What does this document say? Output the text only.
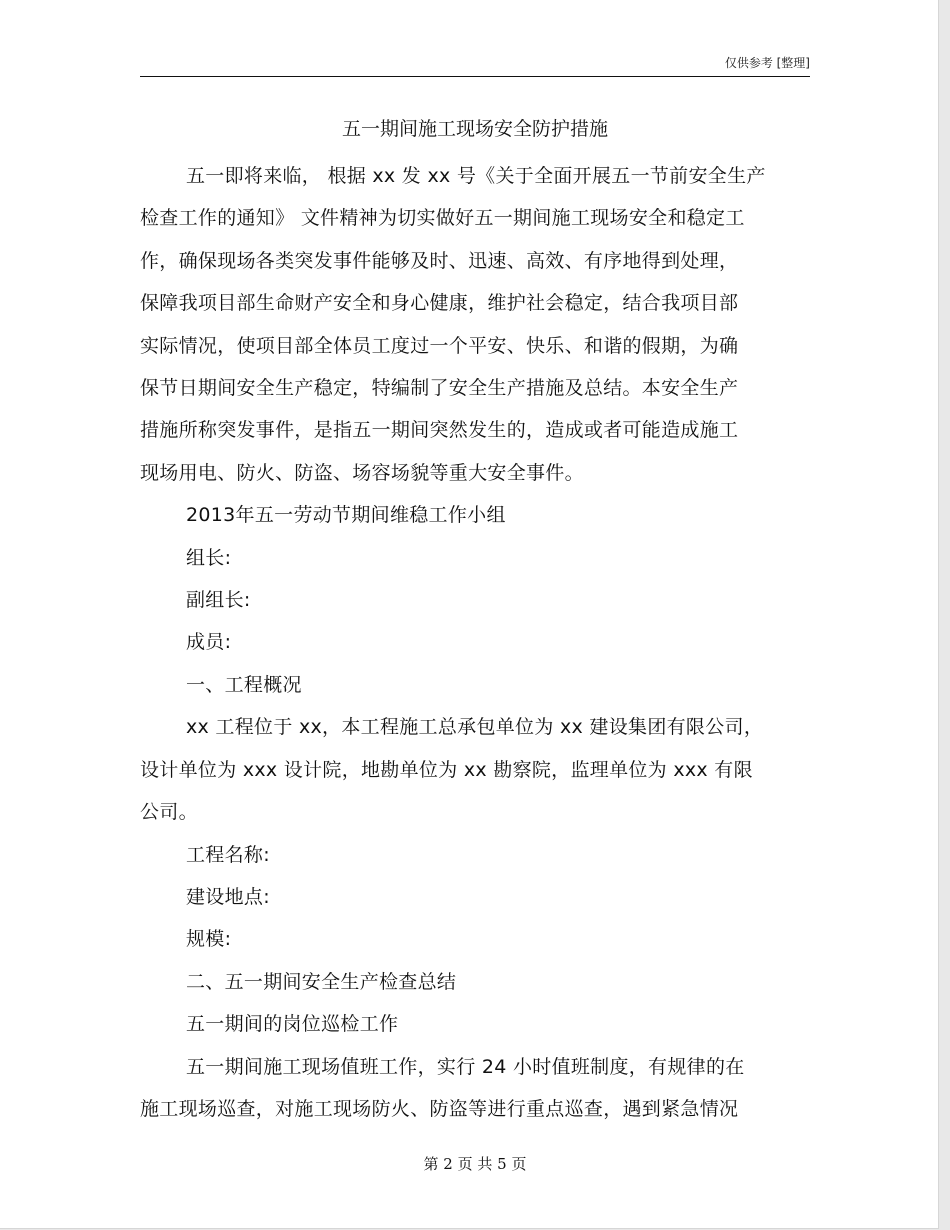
仅供参考 [整理]
五一期间施工现场安全防护措施

五一即将来临， 根据 xx 发 xx 号《关于全面开展五一节前安全生产
检查工作的通知》 文件精神为切实做好五一期间施工现场安全和稳定工
作，确保现场各类突发事件能够及时、迅速、高效、有序地得到处理，
保障我项目部生命财产安全和身心健康，维护社会稳定，结合我项目部
实际情况，使项目部全体员工度过一个平安、快乐、和谐的假期，为确
保节日期间安全生产稳定，特编制了安全生产措施及总结。本安全生产
措施所称突发事件，是指五一期间突然发生的，造成或者可能造成施工
现场用电、防火、防盗、场容场貌等重大安全事件。

2013年五一劳动节期间维稳工作小组

组长:

副组长:

成员:

一、工程概况

xx 工程位于 xx，本工程施工总承包单位为 xx 建设集团有限公司，
设计单位为 xxx 设计院，地勘单位为 xx 勘察院，监理单位为 xxx 有限
公司。

工程名称:

建设地点:

规模:

二、五一期间安全生产检查总结

五一期间的岗位巡检工作

五一期间施工现场值班工作，实行 24 小时值班制度，有规律的在
施工现场巡查，对施工现场防火、防盗等进行重点巡查，遇到紧急情况

第 2 页 共 5 页
